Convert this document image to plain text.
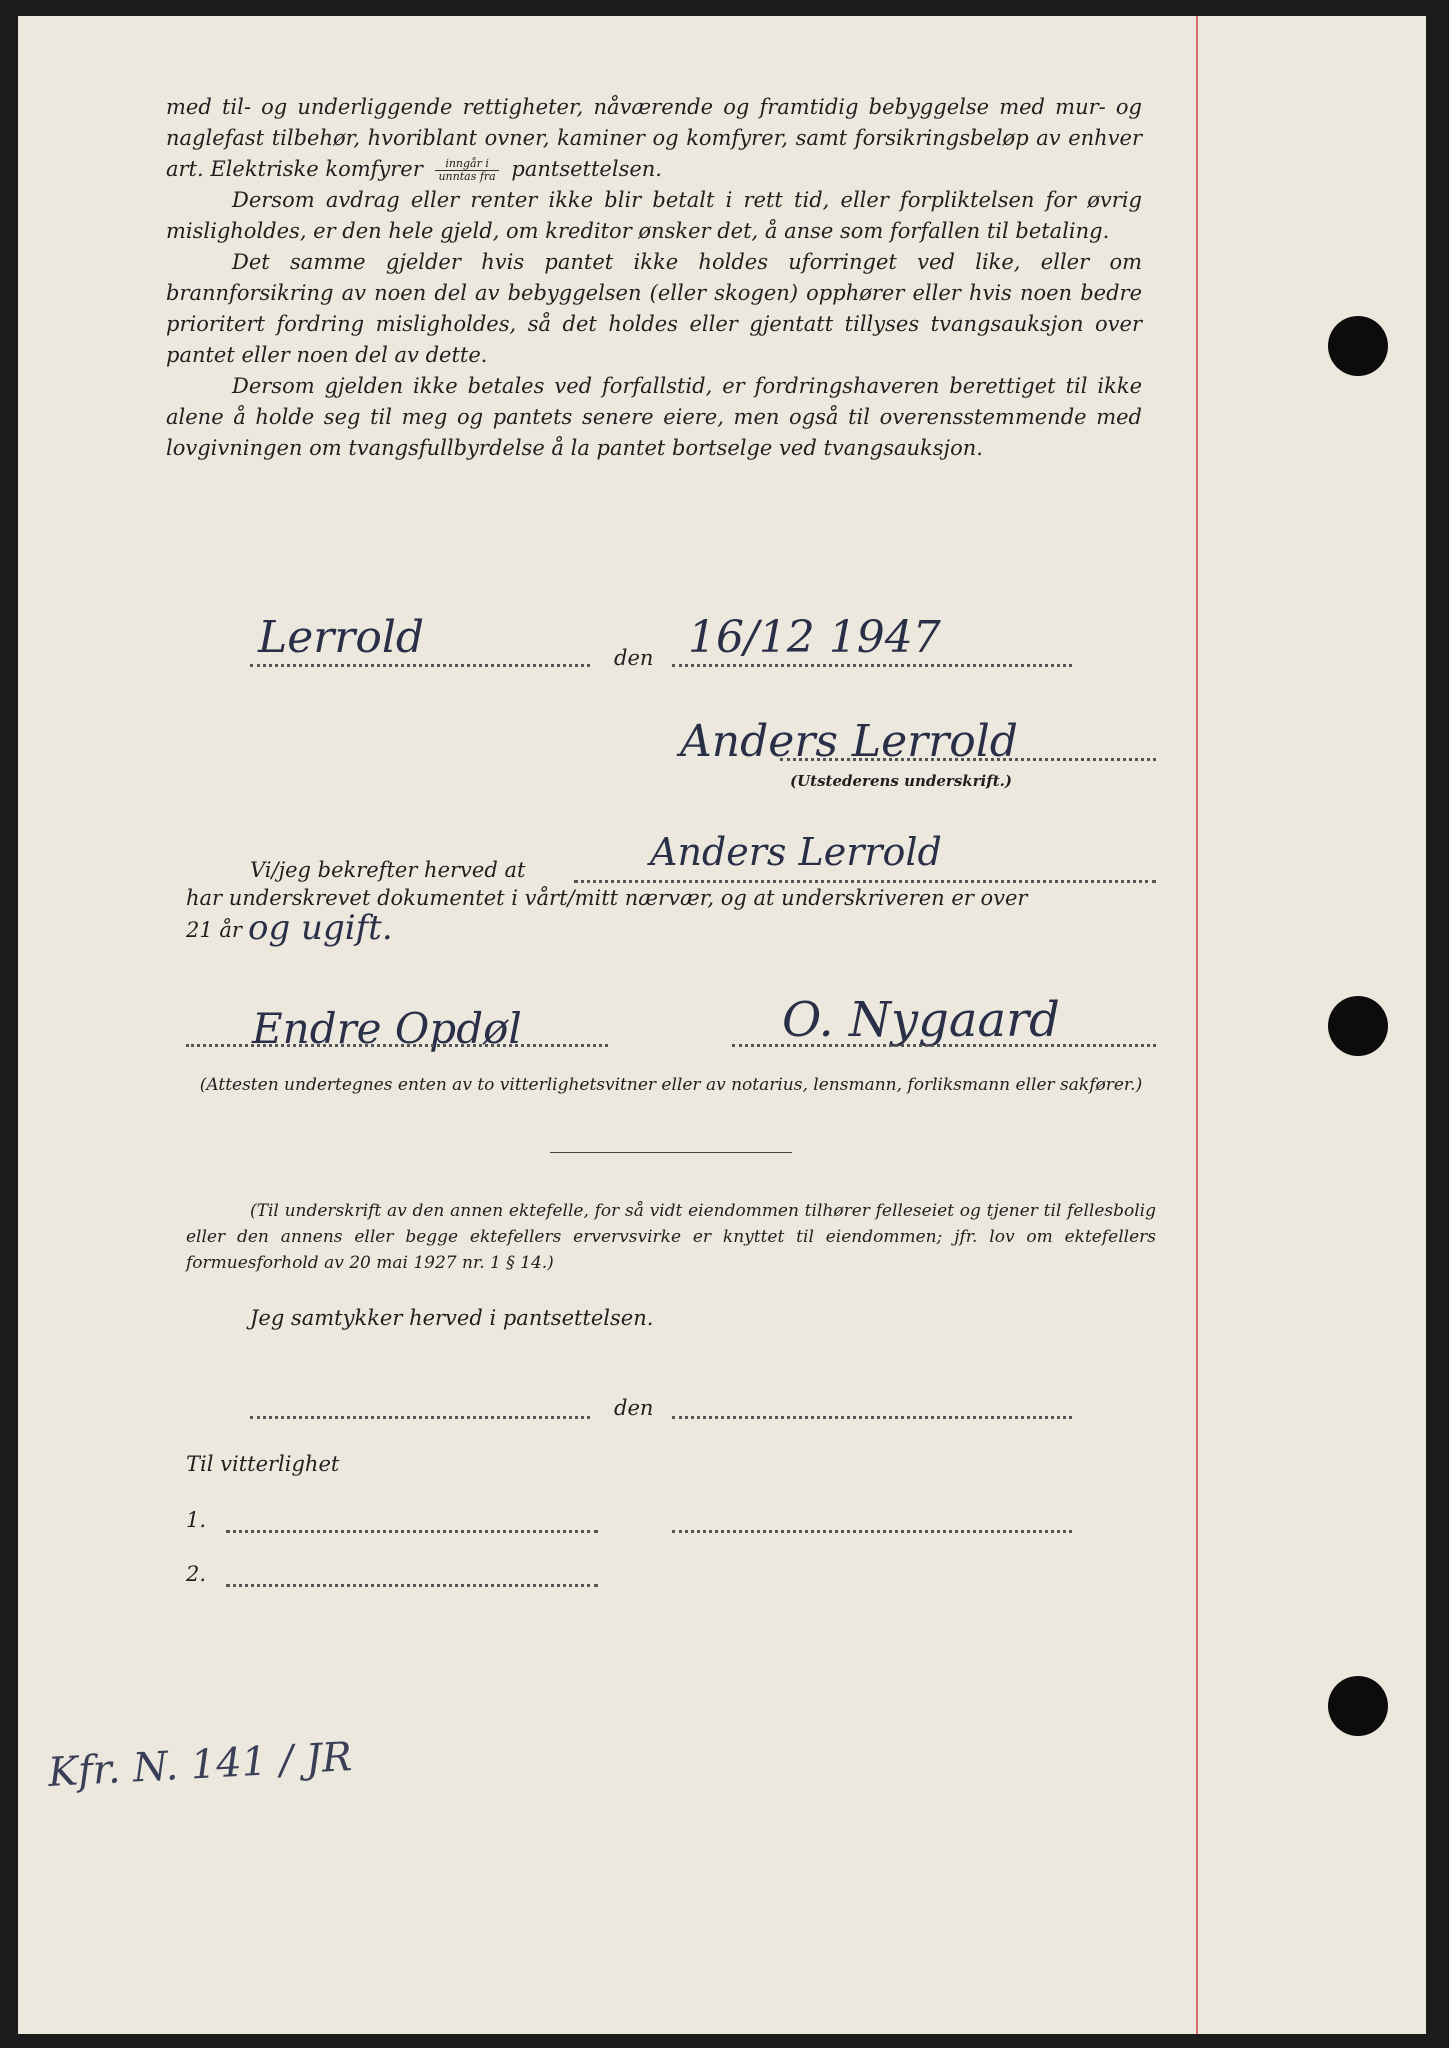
med til- og underliggende rettigheter, nåværende og framtidig bebyggelse med mur- og naglefast tilbehør, hvoriblant ovner, kaminer og komfyrer, samt forsikringsbeløp av enhver art. Elektriske komfyrer $\frac{\text{inngår i}}{\text{unntas fra}}$ pantsettelsen.

Dersom avdrag eller renter ikke blir betalt i rett tid, eller forpliktelsen for øvrig misligholdes, er den hele gjeld, om kreditor ønsker det, å anse som forfallen til betaling.

Det samme gjelder hvis pantet ikke holdes uforringet ved like, eller om brannforsikring av noen del av bebyggelsen (eller skogen) opphører eller hvis noen bedre prioritert fordring misligholdes, så det holdes eller gjentatt tillyses tvangsauksjon over pantet eller noen del av dette.

Dersom gjelden ikke betales ved forfallstid, er fordringshaveren berettiget til ikke alene å holde seg til meg og pantets senere eiere, men også til overensstemmende med lovgivningen om tvangsfullbyrdelse å la pantet bortselge ved tvangsauksjon.

Lerrold	den 16/12 1947
Anders Lerrold
(Utstederens underskrift.)
Vi/jeg bekrefter herved at	Anders Lerrold
har underskrevet dokumentet i vårt/mitt nærvær, og at underskriveren er over
21 år og ugift.
Endre Opdøl	O. Nygaard
(Attesten undertegnes enten av to vitterlighetsvitner eller av notarius, lensmann, forliksmann eller sakfører.)
(Til underskrift av den annen ektefelle, for så vidt eiendommen tilhører felleseiet og tjener til fellesbolig eller den annens eller begge ektefellers ervervsvirke er knyttet til eiendommen; jfr. lov om ektefellers formuesforhold av 20 mai 1927 nr. 1 § 14.)
Jeg samtykker herved i pantsettelsen.
den
Til vitterlighet
1.
2.
Kfr. N. 141 / JR
